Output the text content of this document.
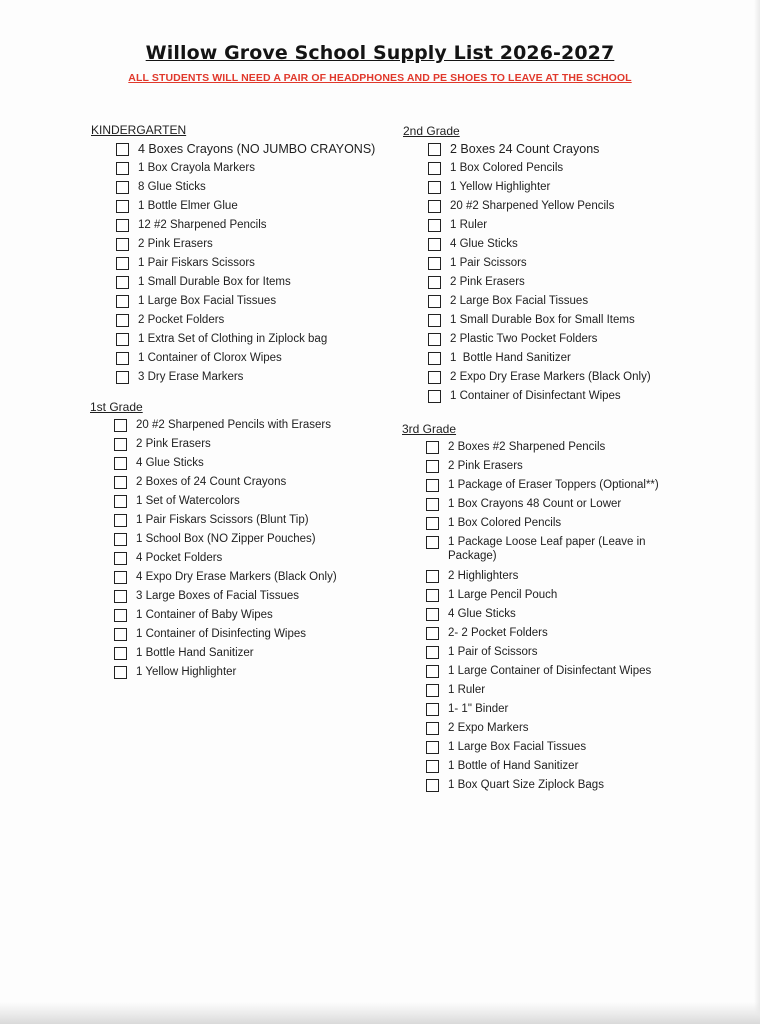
Willow Grove School Supply List 2026-2027
ALL STUDENTS WILL NEED A PAIR OF HEADPHONES AND PE SHOES TO LEAVE AT THE SCHOOL
KINDERGARTEN
4 Boxes Crayons (NO JUMBO CRAYONS)
1 Box Crayola Markers
8 Glue Sticks
1 Bottle Elmer Glue
12 #2 Sharpened Pencils
2 Pink Erasers
1 Pair Fiskars Scissors
1 Small Durable Box for Items
1 Large Box Facial Tissues
2 Pocket Folders
1 Extra Set of Clothing in Ziplock bag
1 Container of Clorox Wipes
3 Dry Erase Markers
1st Grade
20 #2 Sharpened Pencils with Erasers
2 Pink Erasers
4 Glue Sticks
2 Boxes of 24 Count Crayons
1 Set of Watercolors
1 Pair Fiskars Scissors (Blunt Tip)
1 School Box (NO Zipper Pouches)
4 Pocket Folders
4 Expo Dry Erase Markers (Black Only)
3 Large Boxes of Facial Tissues
1 Container of Baby Wipes
1 Container of Disinfecting Wipes
1 Bottle Hand Sanitizer
1 Yellow Highlighter
2nd Grade
2 Boxes 24 Count Crayons
1 Box Colored Pencils
1 Yellow Highlighter
20 #2 Sharpened Yellow Pencils
1 Ruler
4 Glue Sticks
1 Pair Scissors
2 Pink Erasers
2 Large Box Facial Tissues
1 Small Durable Box for Small Items
2 Plastic Two Pocket Folders
1  Bottle Hand Sanitizer
2 Expo Dry Erase Markers (Black Only)
1 Container of Disinfectant Wipes
3rd Grade
2 Boxes #2 Sharpened Pencils
2 Pink Erasers
1 Package of Eraser Toppers (Optional**)
1 Box Crayons 48 Count or Lower
1 Box Colored Pencils
1 Package Loose Leaf paper (Leave in Package)
2 Highlighters
1 Large Pencil Pouch
4 Glue Sticks
2- 2 Pocket Folders
1 Pair of Scissors
1 Large Container of Disinfectant Wipes
1 Ruler
1- 1" Binder
2 Expo Markers
1 Large Box Facial Tissues
1 Bottle of Hand Sanitizer
1 Box Quart Size Ziplock Bags
